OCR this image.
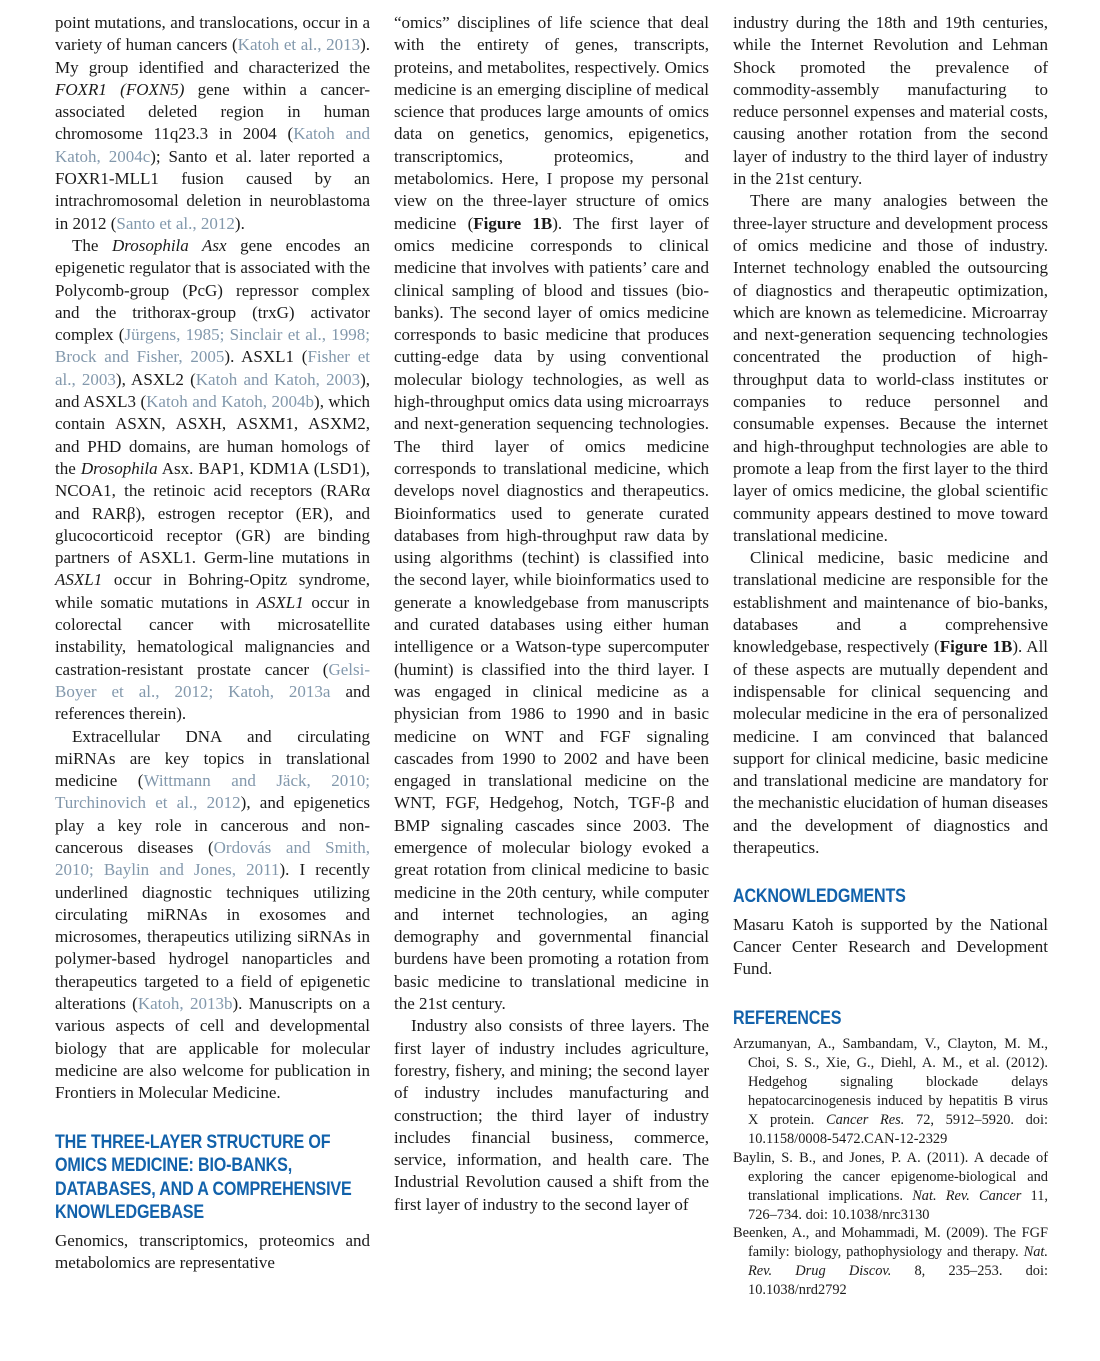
point mutations, and translocations, occur in a variety of human cancers (Katoh et al., 2013). My group identified and characterized the FOXR1 (FOXN5) gene within a cancer-associated deleted region in human chromosome 11q23.3 in 2004 (Katoh and Katoh, 2004c); Santo et al. later reported a FOXR1-MLL1 fusion caused by an intrachromosomal deletion in neuroblastoma in 2012 (Santo et al., 2012).

The Drosophila Asx gene encodes an epigenetic regulator that is associated with the Polycomb-group (PcG) repressor complex and the trithorax-group (trxG) activator complex (Jürgens, 1985; Sinclair et al., 1998; Brock and Fisher, 2005). ASXL1 (Fisher et al., 2003), ASXL2 (Katoh and Katoh, 2003), and ASXL3 (Katoh and Katoh, 2004b), which contain ASXN, ASXH, ASXM1, ASXM2, and PHD domains, are human homologs of the Drosophila Asx. BAP1, KDM1A (LSD1), NCOA1, the retinoic acid receptors (RARα and RARβ), estrogen receptor (ER), and glucocorticoid receptor (GR) are binding partners of ASXL1. Germ-line mutations in ASXL1 occur in Bohring-Opitz syndrome, while somatic mutations in ASXL1 occur in colorectal cancer with microsatellite instability, hematological malignancies and castration-resistant prostate cancer (Gelsi-Boyer et al., 2012; Katoh, 2013a and references therein).

Extracellular DNA and circulating miRNAs are key topics in translational medicine (Wittmann and Jäck, 2010; Turchinovich et al., 2012), and epigenetics play a key role in cancerous and non-cancerous diseases (Ordovás and Smith, 2010; Baylin and Jones, 2011). I recently underlined diagnostic techniques utilizing circulating miRNAs in exosomes and microsomes, therapeutics utilizing siRNAs in polymer-based hydrogel nanoparticles and therapeutics targeted to a field of epigenetic alterations (Katoh, 2013b). Manuscripts on a various aspects of cell and developmental biology that are applicable for molecular medicine are also welcome for publication in Frontiers in Molecular Medicine.

THE THREE-LAYER STRUCTURE OF OMICS MEDICINE: BIO-BANKS, DATABASES, AND A COMPREHENSIVE KNOWLEDGEBASE

Genomics, transcriptomics, proteomics and metabolomics are representative

“omics” disciplines of life science that deal with the entirety of genes, transcripts, proteins, and metabolites, respectively. Omics medicine is an emerging discipline of medical science that produces large amounts of omics data on genetics, genomics, epigenetics, transcriptomics, proteomics, and metabolomics. Here, I propose my personal view on the three-layer structure of omics medicine (Figure 1B). The first layer of omics medicine corresponds to clinical medicine that involves with patients’ care and clinical sampling of blood and tissues (bio-banks). The second layer of omics medicine corresponds to basic medicine that produces cutting-edge data by using conventional molecular biology technologies, as well as high-throughput omics data using microarrays and next-generation sequencing technologies. The third layer of omics medicine corresponds to translational medicine, which develops novel diagnostics and therapeutics. Bioinformatics used to generate curated databases from high-throughput raw data by using algorithms (techint) is classified into the second layer, while bioinformatics used to generate a knowledgebase from manuscripts and curated databases using either human intelligence or a Watson-type supercomputer (humint) is classified into the third layer. I was engaged in clinical medicine as a physician from 1986 to 1990 and in basic medicine on WNT and FGF signaling cascades from 1990 to 2002 and have been engaged in translational medicine on the WNT, FGF, Hedgehog, Notch, TGF-β and BMP signaling cascades since 2003. The emergence of molecular biology evoked a great rotation from clinical medicine to basic medicine in the 20th century, while computer and internet technologies, an aging demography and governmental financial burdens have been promoting a rotation from basic medicine to translational medicine in the 21st century.

Industry also consists of three layers. The first layer of industry includes agriculture, forestry, fishery, and mining; the second layer of industry includes manufacturing and construction; the third layer of industry includes financial business, commerce, service, information, and health care. The Industrial Revolution caused a shift from the first layer of industry to the second layer of

industry during the 18th and 19th centuries, while the Internet Revolution and Lehman Shock promoted the prevalence of commodity-assembly manufacturing to reduce personnel expenses and material costs, causing another rotation from the second layer of industry to the third layer of industry in the 21st century.

There are many analogies between the three-layer structure and development process of omics medicine and those of industry. Internet technology enabled the outsourcing of diagnostics and therapeutic optimization, which are known as telemedicine. Microarray and next-generation sequencing technologies concentrated the production of high-throughput data to world-class institutes or companies to reduce personnel and consumable expenses. Because the internet and high-throughput technologies are able to promote a leap from the first layer to the third layer of omics medicine, the global scientific community appears destined to move toward translational medicine.

Clinical medicine, basic medicine and translational medicine are responsible for the establishment and maintenance of bio-banks, databases and a comprehensive knowledgebase, respectively (Figure 1B). All of these aspects are mutually dependent and indispensable for clinical sequencing and molecular medicine in the era of personalized medicine. I am convinced that balanced support for clinical medicine, basic medicine and translational medicine are mandatory for the mechanistic elucidation of human diseases and the development of diagnostics and therapeutics.

ACKNOWLEDGMENTS

Masaru Katoh is supported by the National Cancer Center Research and Development Fund.

REFERENCES

Arzumanyan, A., Sambandam, V., Clayton, M. M., Choi, S. S., Xie, G., Diehl, A. M., et al. (2012). Hedgehog signaling blockade delays hepatocarcinogenesis induced by hepatitis B virus X protein. Cancer Res. 72, 5912–5920. doi: 10.1158/0008-5472.CAN-12-2329

Baylin, S. B., and Jones, P. A. (2011). A decade of exploring the cancer epigenome-biological and translational implications. Nat. Rev. Cancer 11, 726–734. doi: 10.1038/nrc3130

Beenken, A., and Mohammadi, M. (2009). The FGF family: biology, pathophysiology and therapy. Nat. Rev. Drug Discov. 8, 235–253. doi: 10.1038/nrd2792
